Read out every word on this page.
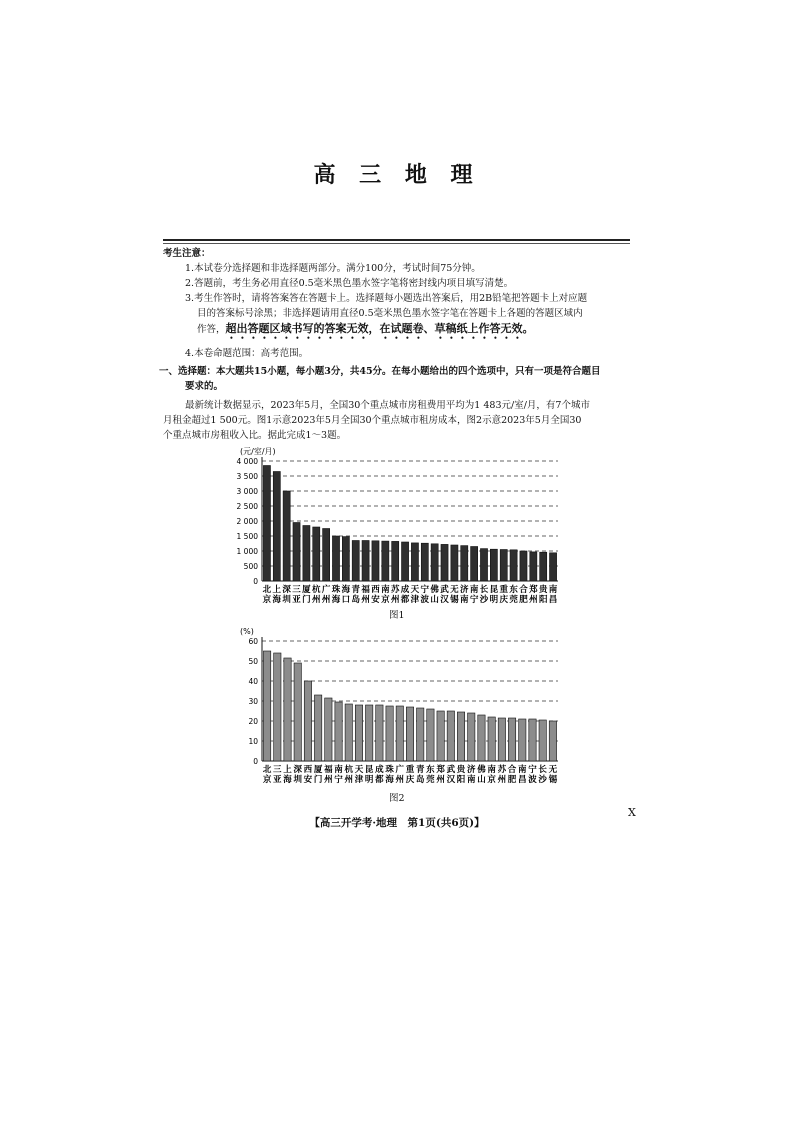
高 三 地 理
考生注意：
1.本试卷分选择题和非选择题两部分。满分100分，考试时间75分钟。
2.答题前，考生务必用直径0.5毫米黑色墨水签字笔将密封线内项目填写清楚。
3.考生作答时，请将答案答在答题卡上。选择题每小题选出答案后，用2B铅笔把答题卡上对应题
目的答案标号涂黑；非选择题请用直径0.5毫米黑色墨水签字笔在答题卡上各题的答题区域内
作答，超出答题区域书写的答案无效，在试题卷、草稿纸上作答无效。
4.本卷命题范围：高考范围。
一、选择题：本大题共15小题，每小题3分，共45分。在每小题给出的四个选项中，只有一项是符合题目
要求的。
最新统计数据显示，2023年5月，全国30个重点城市房租费用平均为1 483元/室/月，有7个城市
月租金超过1 500元。图1示意2023年5月全国30个重点城市租房成本，图2示意2023年5月全国30
个重点城市房租收入比。据此完成1～3题。
(元/室/月)
0
500
1 000
1 500
2 000
2 500
3 000
3 500
4 000
北京
上海
深圳
三亚
厦门
杭州
广州
珠海
海口
青岛
福州
西安
南京
苏州
成都
天津
宁波
佛山
武汉
无锡
济南
南宁
长沙
昆明
重庆
东莞
合肥
郑州
贵阳
南昌
图1
(%)
0
10
20
30
40
50
60
北京
三亚
上海
深圳
西安
厦门
福州
南宁
杭州
天津
昆明
成都
珠海
广州
重庆
青岛
东莞
郑州
武汉
贵阳
济南
佛山
南京
苏州
合肥
南昌
宁波
长沙
无锡
图2
X
【高三开学考·地理　第1页(共6页)】
